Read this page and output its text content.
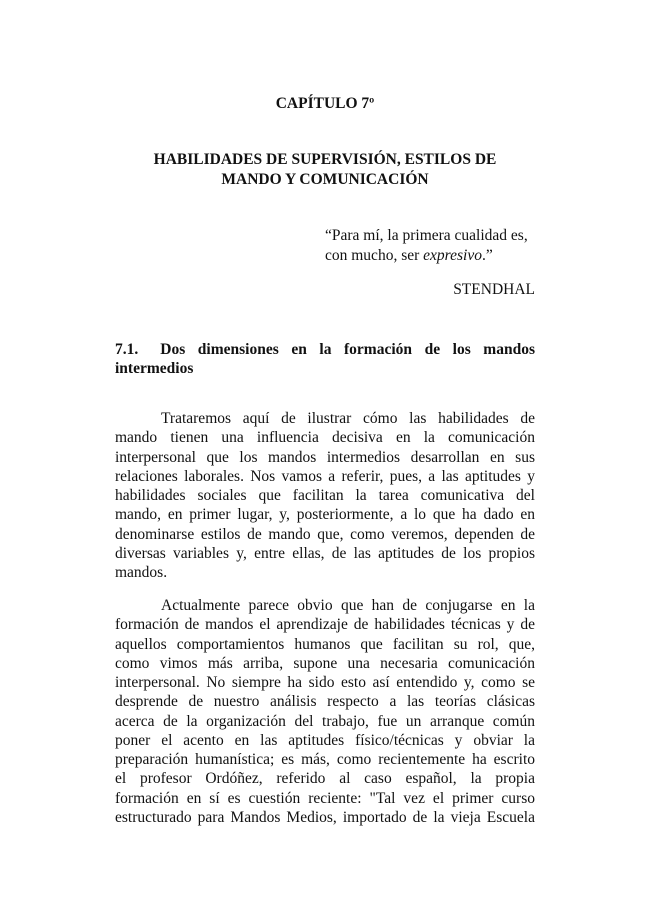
CAPÍTULO 7º
HABILIDADES DE SUPERVISIÓN, ESTILOS DE
MANDO Y COMUNICACIÓN
“Para mí, la primera cualidad es,
con mucho, ser expresivo.”
STENDHAL
7.1. Dos dimensiones en la formación de los mandos
intermedios

Trataremos aquí de ilustrar cómo las habilidades de
mando tienen una influencia decisiva en la comunicación
interpersonal que los mandos intermedios desarrollan en sus
relaciones laborales. Nos vamos a referir, pues, a las aptitudes y
habilidades sociales que facilitan la tarea comunicativa del
mando, en primer lugar, y, posteriormente, a lo que ha dado en
denominarse estilos de mando que, como veremos, dependen de
diversas variables y, entre ellas, de las aptitudes de los propios
mandos.

Actualmente parece obvio que han de conjugarse en la
formación de mandos el aprendizaje de habilidades técnicas y de
aquellos comportamientos humanos que facilitan su rol, que,
como vimos más arriba, supone una necesaria comunicación
interpersonal. No siempre ha sido esto así entendido y, como se
desprende de nuestro análisis respecto a las teorías clásicas
acerca de la organización del trabajo, fue un arranque común
poner el acento en las aptitudes físico/técnicas y obviar la
preparación humanística; es más, como recientemente ha escrito
el profesor Ordóñez, referido al caso español, la propia
formación en sí es cuestión reciente: "Tal vez el primer curso
estructurado para Mandos Medios, importado de la vieja Escuela
